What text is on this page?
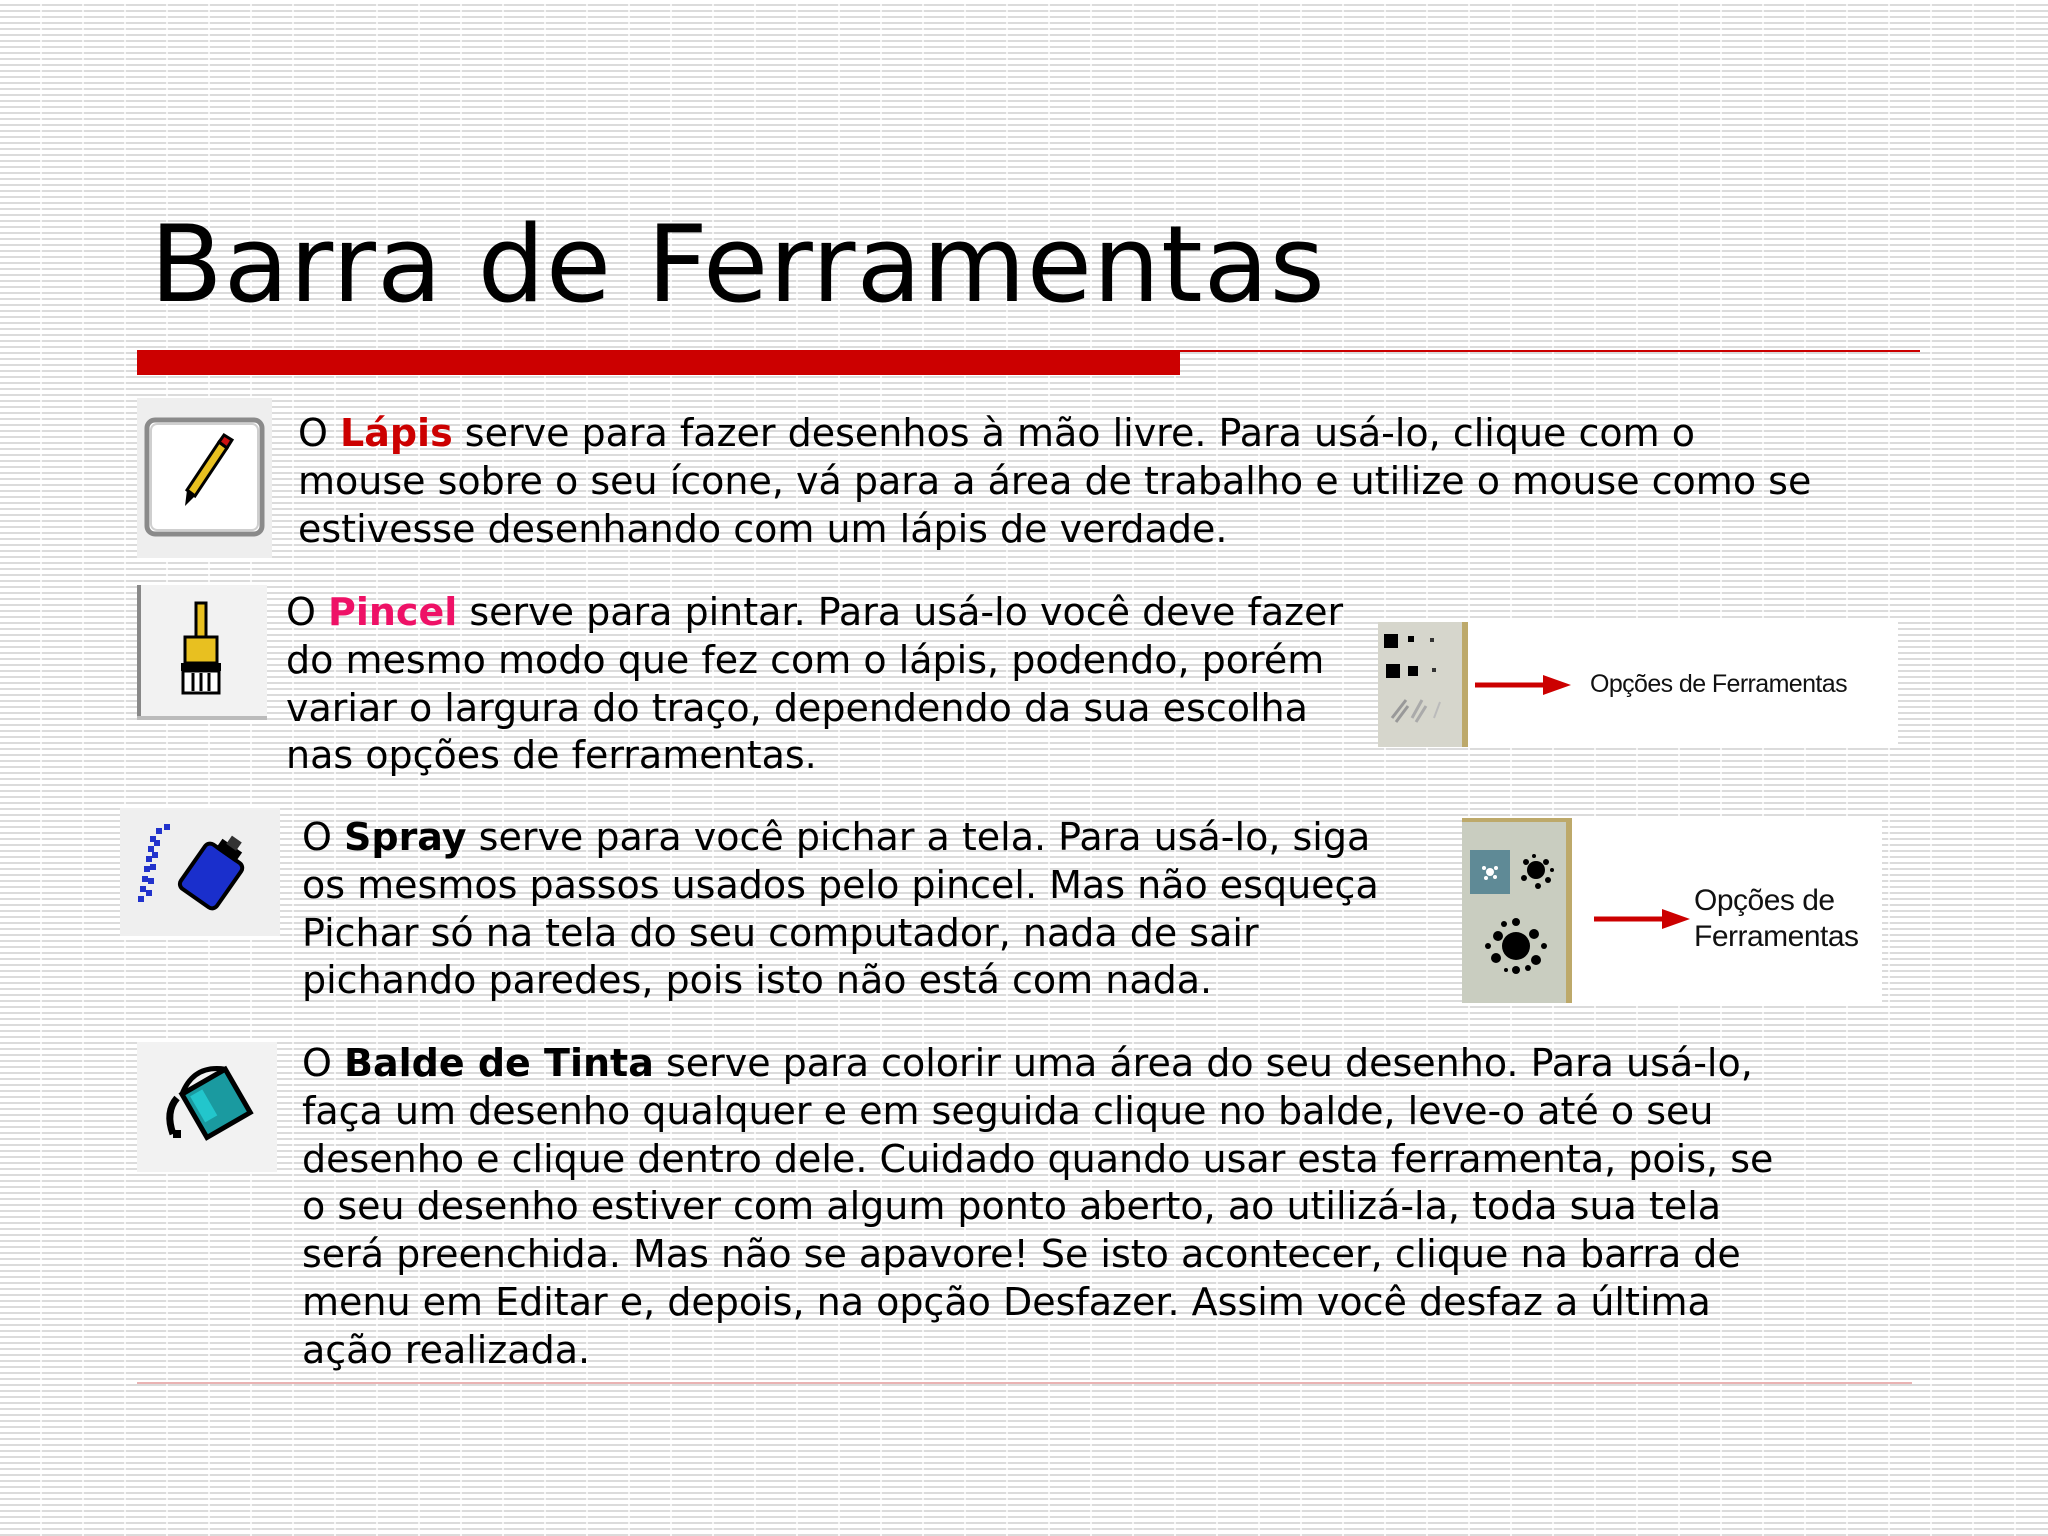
Barra de Ferramentas

O Lápis serve para fazer desenhos à mão livre. Para usá-lo, clique com o
mouse sobre o seu ícone, vá para a área de trabalho e utilize o mouse como se
estivesse desenhando com um lápis de verdade.

O Pincel serve para pintar. Para usá-lo você deve fazer
do mesmo modo que fez com o lápis, podendo, porém
variar o largura do traço, dependendo da sua escolha
nas opções de ferramentas.

Opções de Ferramentas

O Spray serve para você pichar a tela. Para usá-lo, siga
os mesmos passos usados pelo pincel. Mas não esqueça
Pichar só na tela do seu computador, nada de sair
pichando paredes, pois isto não está com nada.

Opções de
Ferramentas

O Balde de Tinta serve para colorir uma área do seu desenho. Para usá-lo,
faça um desenho qualquer e em seguida clique no balde, leve-o até o seu
desenho e clique dentro dele. Cuidado quando usar esta ferramenta, pois, se
o seu desenho estiver com algum ponto aberto, ao utilizá-la, toda sua tela
será preenchida. Mas não se apavore! Se isto acontecer, clique na barra de
menu em Editar e, depois, na opção Desfazer. Assim você desfaz a última
ação realizada.
